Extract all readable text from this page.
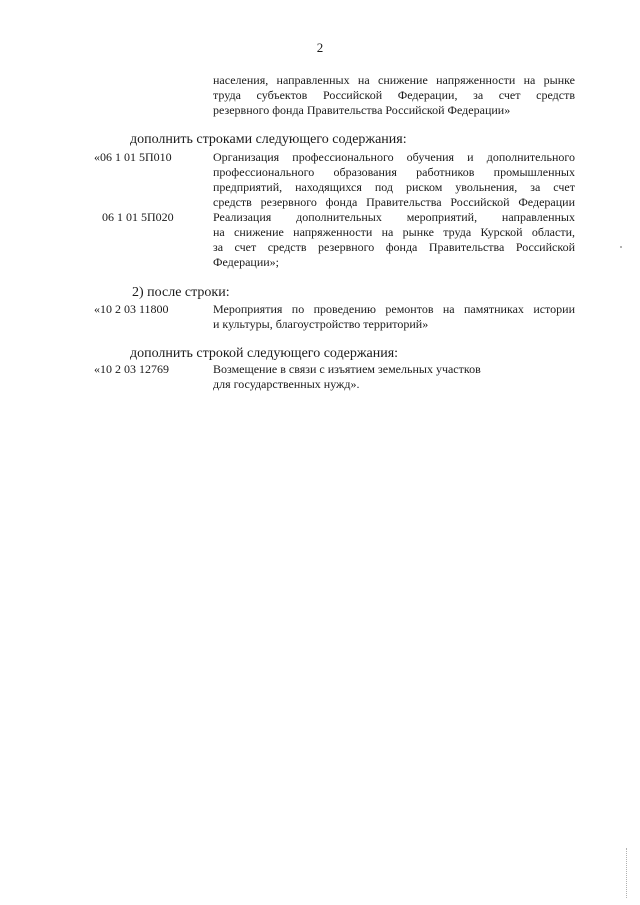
2
населения, направленных на снижение напряженности на рынке
труда субъектов Российской Федерации, за счет средств
резервного фонда Правительства Российской Федерации»
дополнить строками следующего содержания:
«06 1 01 5П010	Организация профессионального обучения и дополнительного
профессионального образования работников промышленных
предприятий, находящихся под риском увольнения, за счет
средств резервного фонда Правительства Российской Федерации
06 1 01 5П020	Реализация дополнительных мероприятий, направленных
на снижение напряженности на рынке труда Курской области,
за счет средств резервного фонда Правительства Российской
Федерации»;
2) после строки:
«10 2 03 11800	Мероприятия по проведению ремонтов на памятниках истории
и культуры, благоустройство территорий»
дополнить строкой следующего содержания:
«10 2 03 12769	Возмещение в связи с изъятием земельных участков
для государственных нужд».
